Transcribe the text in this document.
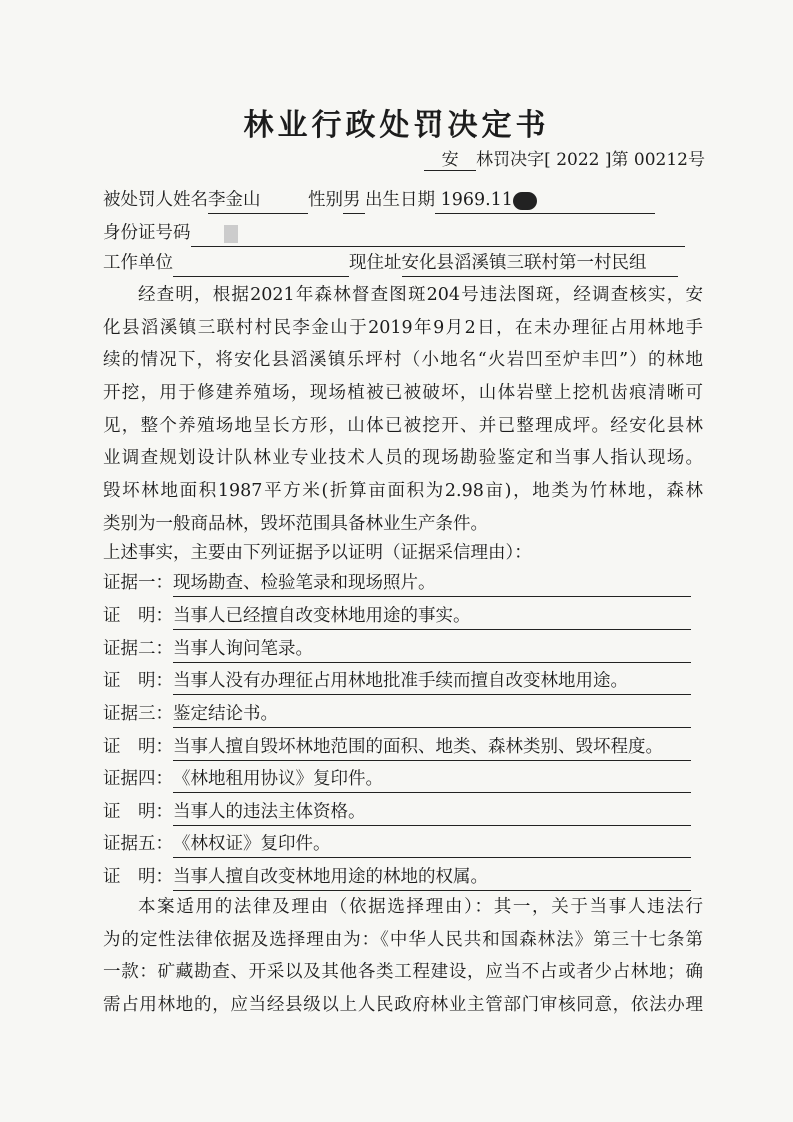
林业行政处罚决定书
安 林罚决字[ 2022 ]第 00212号
被处罚人姓名李金山	性别男 出生日期 1969.11
身份证号码
工作单位	现住址安化县滔溪镇三联村第一村民组
经查明，根据2021年森林督查图斑204号违法图斑，经调查核实，安
化县滔溪镇三联村村民李金山于2019年9月2日，在未办理征占用林地手
续的情况下，将安化县滔溪镇乐坪村（小地名“火岩凹至炉丰凹”）的林地
开挖，用于修建养殖场，现场植被已被破坏，山体岩壁上挖机齿痕清晰可
见，整个养殖场地呈长方形，山体已被挖开、并已整理成坪。经安化县林
业调查规划设计队林业专业技术人员的现场勘验鉴定和当事人指认现场。
毁坏林地面积1987平方米(折算亩面积为2.98亩)，地类为竹林地，森林
类别为一般商品林，毁坏范围具备林业生产条件。
上述事实，主要由下列证据予以证明（证据采信理由）：
证据一：现场勘查、检验笔录和现场照片。
证　明：当事人已经擅自改变林地用途的事实。
证据二：当事人询问笔录。
证　明：当事人没有办理征占用林地批准手续而擅自改变林地用途。
证据三：鉴定结论书。
证　明：当事人擅自毁坏林地范围的面积、地类、森林类别、毁坏程度。
证据四：《林地租用协议》复印件。
证　明：当事人的违法主体资格。
证据五：《林权证》复印件。
证　明：当事人擅自改变林地用途的林地的权属。
本案适用的法律及理由（依据选择理由）：其一，关于当事人违法行
为的定性法律依据及选择理由为：《中华人民共和国森林法》第三十七条第
一款：矿藏勘查、开采以及其他各类工程建设，应当不占或者少占林地；确
需占用林地的，应当经县级以上人民政府林业主管部门审核同意，依法办理
